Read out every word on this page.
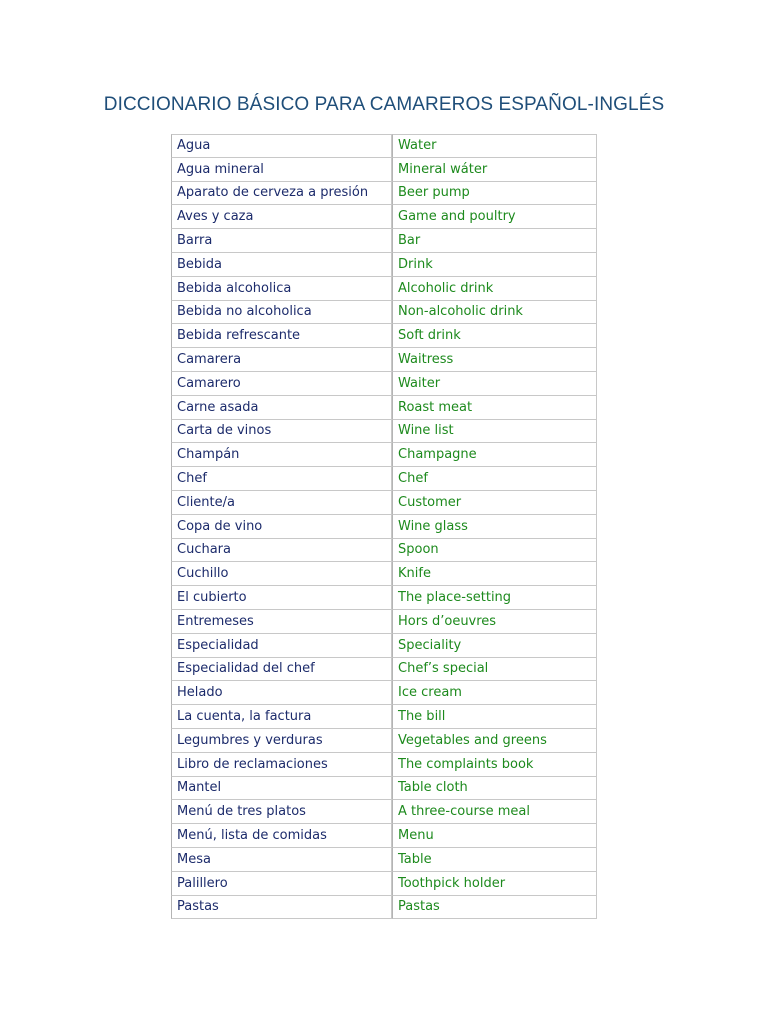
DICCIONARIO BÁSICO PARA CAMAREROS ESPAÑOL-INGLÉS
Agua	Water
Agua mineral	Mineral wáter
Aparato de cerveza a presión	Beer pump
Aves y caza	Game and poultry
Barra	Bar
Bebida	Drink
Bebida alcoholica	Alcoholic drink
Bebida no alcoholica	Non-alcoholic drink
Bebida refrescante	Soft drink
Camarera	Waitress
Camarero	Waiter
Carne asada	Roast meat
Carta de vinos	Wine list
Champán	Champagne
Chef	Chef
Cliente/a	Customer
Copa de vino	Wine glass
Cuchara	Spoon
Cuchillo	Knife
El cubierto	The place-setting
Entremeses	Hors d’oeuvres
Especialidad	Speciality
Especialidad del chef	Chef’s special
Helado	Ice cream
La cuenta, la factura	The bill
Legumbres y verduras	Vegetables and greens
Libro de reclamaciones	The complaints book
Mantel	Table cloth
Menú de tres platos	A three-course meal
Menú, lista de comidas	Menu
Mesa	Table
Palillero	Toothpick holder
Pastas	Pastas
